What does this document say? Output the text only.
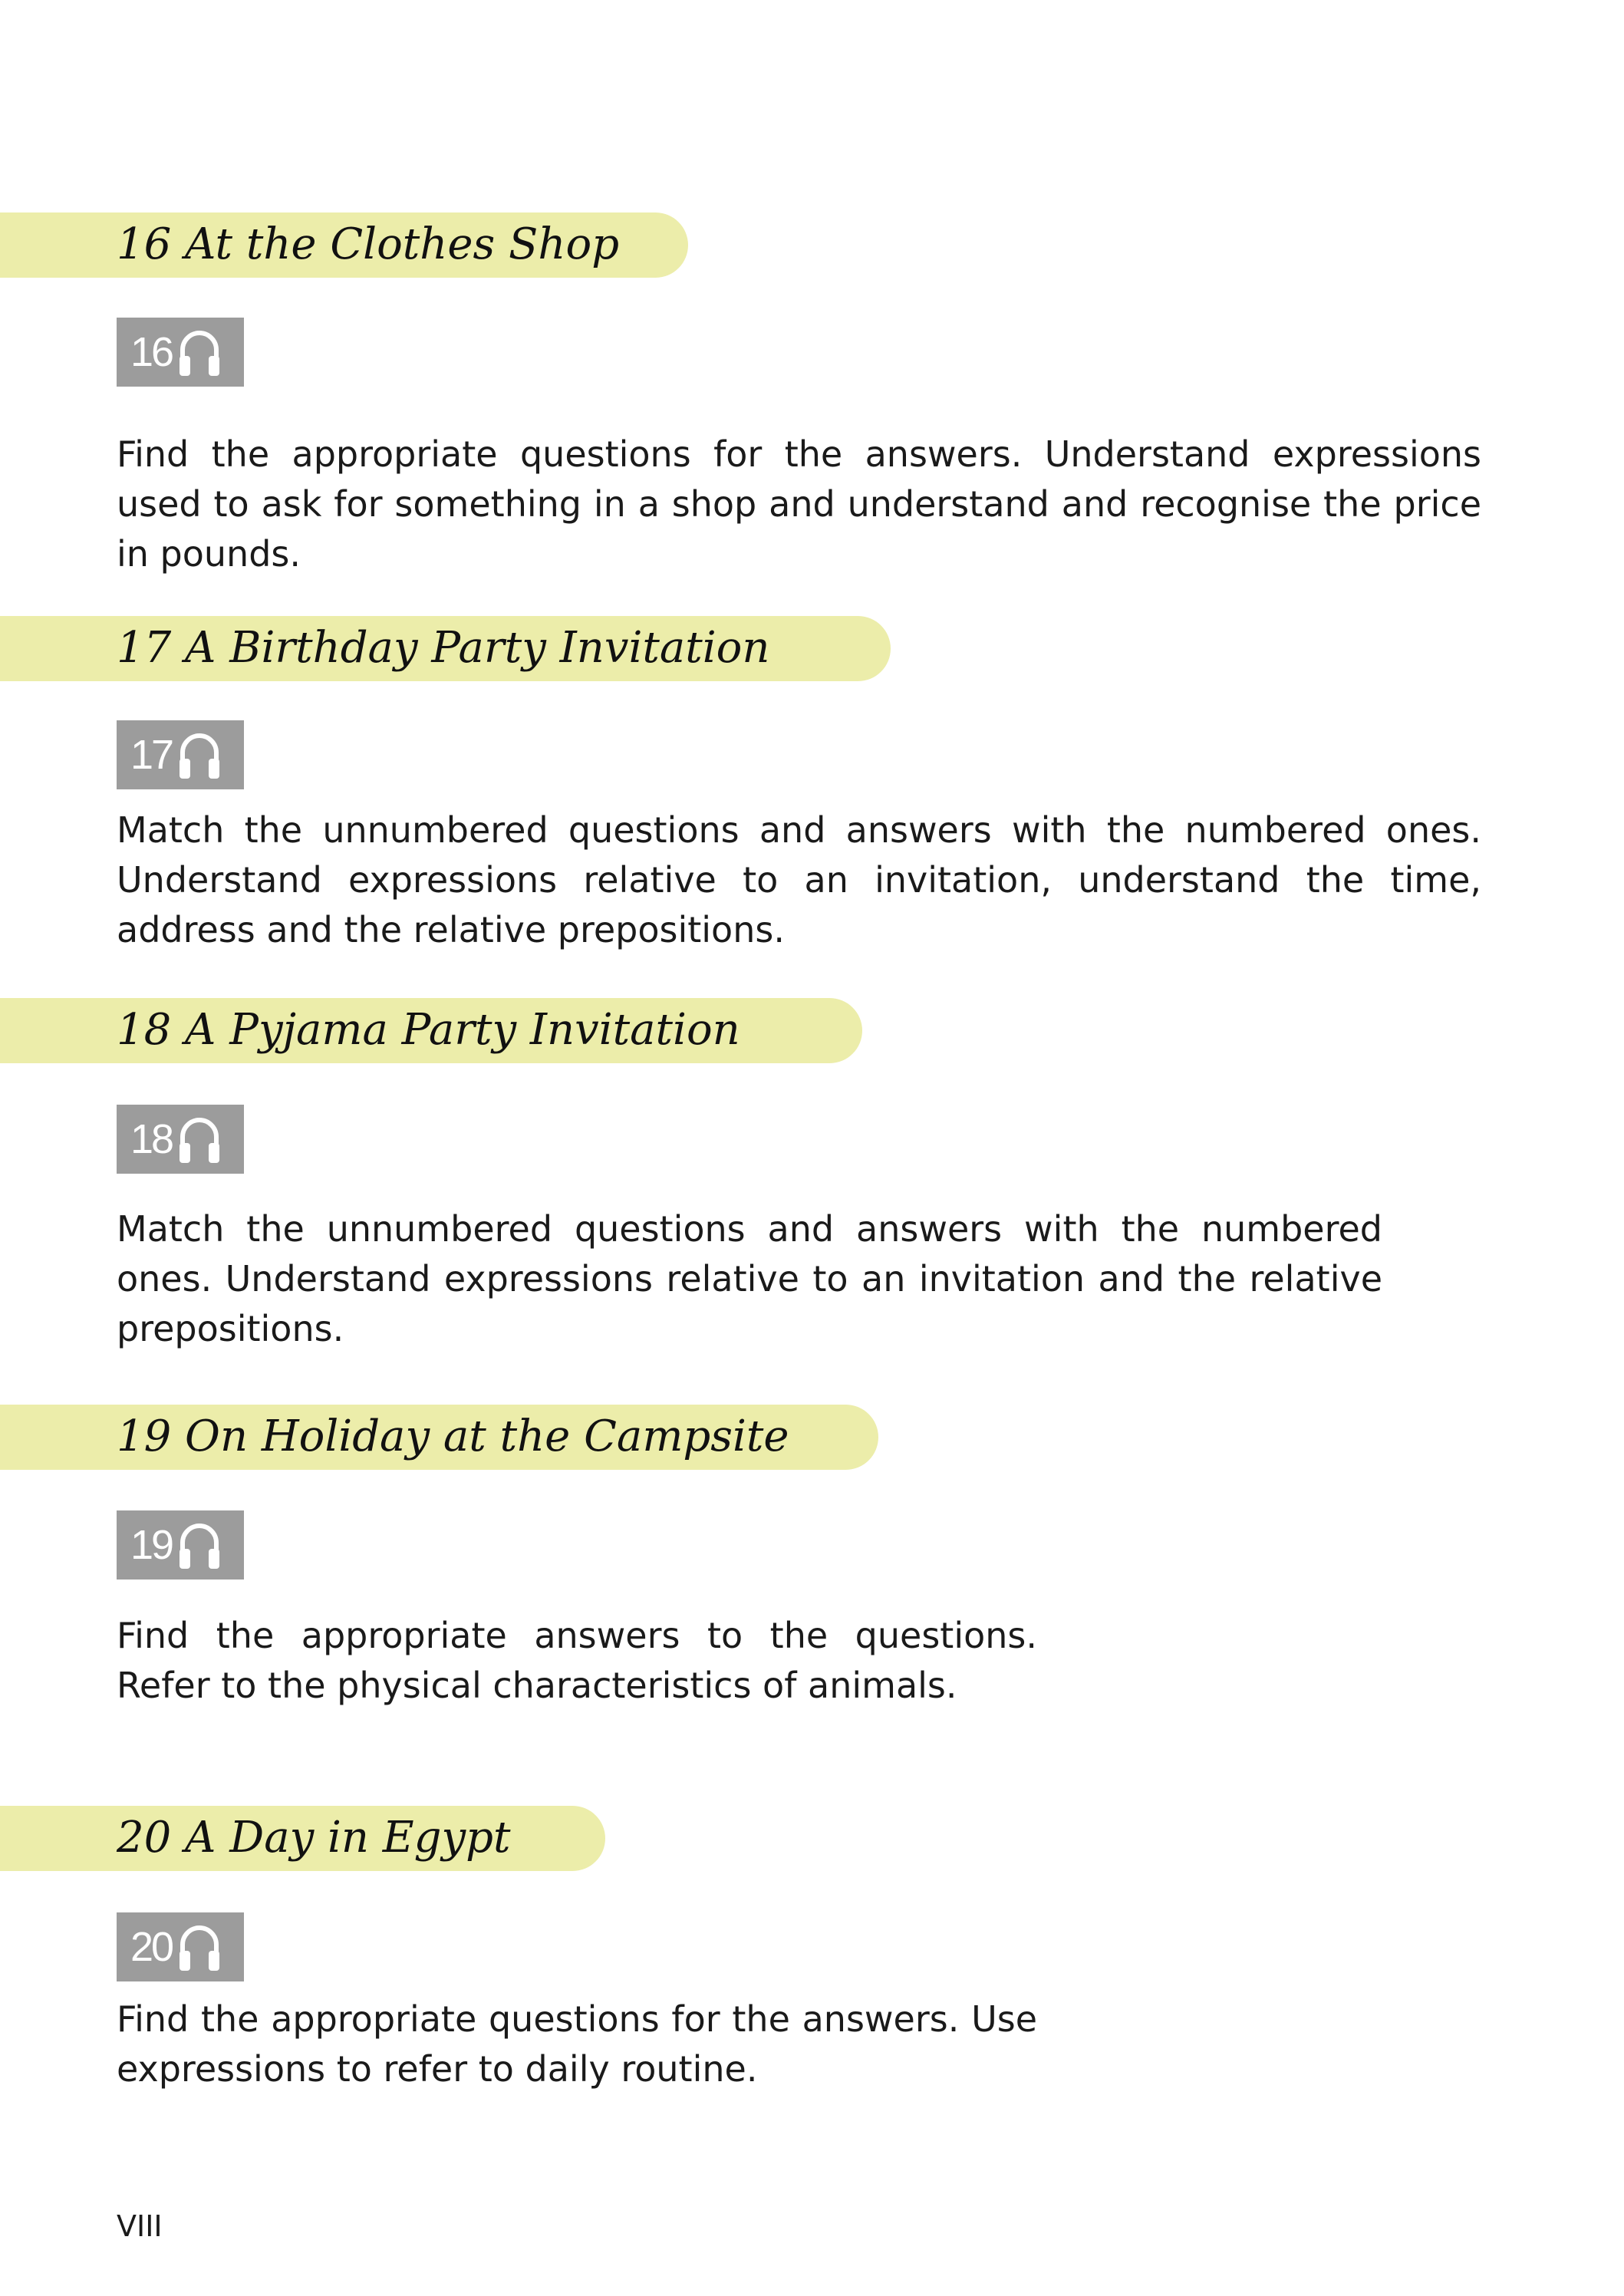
16 At the Clothes Shop
16
Find the appropriate questions for the answers. Understand expressions used to ask for something in a shop and understand and recognise the price in pounds.
17 A Birthday Party Invitation
17
Match the unnumbered questions and answers with the numbered ones. Understand expressions relative to an invitation, understand the time, address and the relative prepositions.
18 A Pyjama Party Invitation
18
Match the unnumbered questions and answers with the numbered ones. Understand expressions relative to an invitation and the relative prepositions.
19 On Holiday at the Campsite
19
Find the appropriate answers to the questions. Refer to the physical characteristics of animals.
20 A Day in Egypt
20
Find the appropriate questions for the answers. Use expressions to refer to daily routine.
VIII
